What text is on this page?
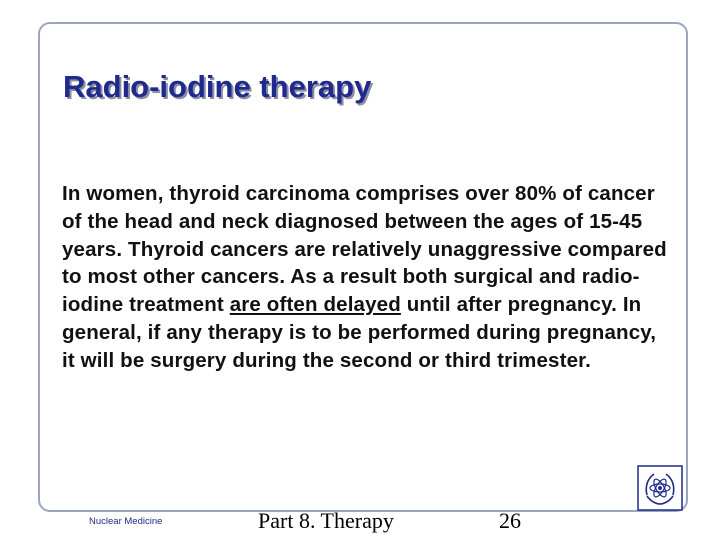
Radio-iodine therapy

In women, thyroid carcinoma comprises over 80% of cancer of the head and neck diagnosed between the ages of 15-45 years. Thyroid cancers are relatively unaggressive compared to most other cancers. As a result both surgical and radio-iodine treatment are often delayed until after pregnancy. In general, if any therapy is to be performed during pregnancy, it will be surgery during the second or third trimester.

Nuclear Medicine	Part 8. Therapy	26
